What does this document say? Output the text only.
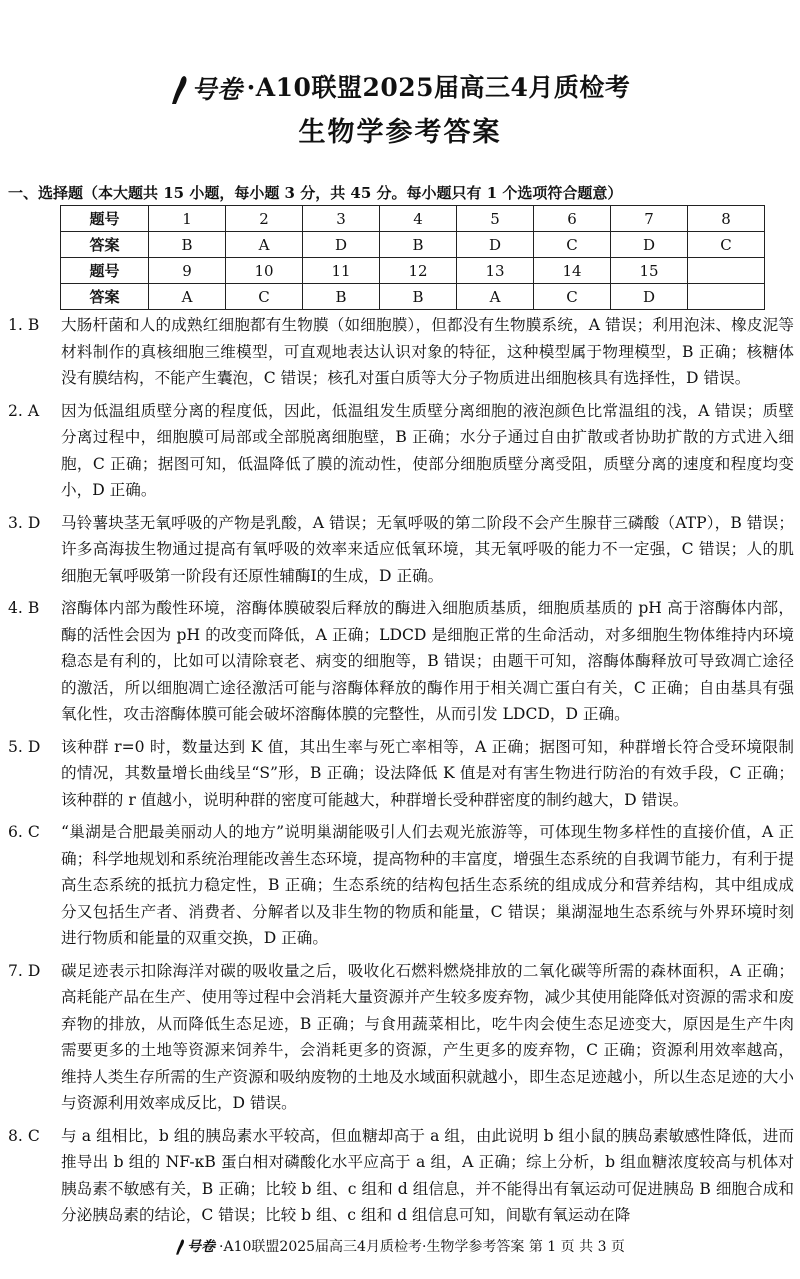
号卷 ·A10联盟2025届高三4月质检考
生物学参考答案
一、选择题（本大题共 15 小题，每小题 3 分，共 45 分。每小题只有 1 个选项符合题意）
题号	1	2	3	4	5	6	7	8
答案	B	A	D	B	D	C	D	C
题号	9	10	11	12	13	14	15	
答案	A	C	B	B	A	C	D	
1. B	大肠杆菌和人的成熟红细胞都有生物膜（如细胞膜），但都没有生物膜系统，A 错误；利用泡沫、橡皮泥等材料制作的真核细胞三维模型，可直观地表达认识对象的特征，这种模型属于物理模型，B 正确；核糖体没有膜结构，不能产生囊泡，C 错误；核孔对蛋白质等大分子物质进出细胞核具有选择性，D 错误。
2. A	因为低温组质壁分离的程度低，因此，低温组发生质壁分离细胞的液泡颜色比常温组的浅，A 错误；质壁分离过程中，细胞膜可局部或全部脱离细胞壁，B 正确；水分子通过自由扩散或者协助扩散的方式进入细胞，C 正确；据图可知，低温降低了膜的流动性，使部分细胞质壁分离受阻，质壁分离的速度和程度均变小，D 正确。
3. D	马铃薯块茎无氧呼吸的产物是乳酸，A 错误；无氧呼吸的第二阶段不会产生腺苷三磷酸（ATP），B 错误；许多高海拔生物通过提高有氧呼吸的效率来适应低氧环境，其无氧呼吸的能力不一定强，C 错误；人的肌细胞无氧呼吸第一阶段有还原性辅酶Ⅰ的生成，D 正确。
4. B	溶酶体内部为酸性环境，溶酶体膜破裂后释放的酶进入细胞质基质，细胞质基质的 pH 高于溶酶体内部，酶的活性会因为 pH 的改变而降低，A 正确；LDCD 是细胞正常的生命活动，对多细胞生物体维持内环境稳态是有利的，比如可以清除衰老、病变的细胞等，B 错误；由题干可知，溶酶体酶释放可导致凋亡途径的激活，所以细胞凋亡途径激活可能与溶酶体释放的酶作用于相关凋亡蛋白有关，C 正确；自由基具有强氧化性，攻击溶酶体膜可能会破坏溶酶体膜的完整性，从而引发 LDCD，D 正确。
5. D	该种群 r=0 时，数量达到 K 值，其出生率与死亡率相等，A 正确；据图可知，种群增长符合受环境限制的情况，其数量增长曲线呈“S”形，B 正确；设法降低 K 值是对有害生物进行防治的有效手段，C 正确；该种群的 r 值越小，说明种群的密度可能越大，种群增长受种群密度的制约越大，D 错误。
6. C	“巢湖是合肥最美丽动人的地方”说明巢湖能吸引人们去观光旅游等，可体现生物多样性的直接价值，A 正确；科学地规划和系统治理能改善生态环境，提高物种的丰富度，增强生态系统的自我调节能力，有利于提高生态系统的抵抗力稳定性，B 正确；生态系统的结构包括生态系统的组成成分和营养结构，其中组成成分又包括生产者、消费者、分解者以及非生物的物质和能量，C 错误；巢湖湿地生态系统与外界环境时刻进行物质和能量的双重交换，D 正确。
7. D	碳足迹表示扣除海洋对碳的吸收量之后，吸收化石燃料燃烧排放的二氧化碳等所需的森林面积，A 正确；高耗能产品在生产、使用等过程中会消耗大量资源并产生较多废弃物，减少其使用能降低对资源的需求和废弃物的排放，从而降低生态足迹，B 正确；与食用蔬菜相比，吃牛肉会使生态足迹变大，原因是生产牛肉需要更多的土地等资源来饲养牛，会消耗更多的资源，产生更多的废弃物，C 正确；资源利用效率越高，维持人类生存所需的生产资源和吸纳废物的土地及水域面积就越小，即生态足迹越小，所以生态足迹的大小与资源利用效率成反比，D 错误。
8. C	与 a 组相比，b 组的胰岛素水平较高，但血糖却高于 a 组，由此说明 b 组小鼠的胰岛素敏感性降低，进而推导出 b 组的 NF-κB 蛋白相对磷酸化水平应高于 a 组，A 正确；综上分析，b 组血糖浓度较高与机体对胰岛素不敏感有关，B 正确；比较 b 组、c 组和 d 组信息，并不能得出有氧运动可促进胰岛 B 细胞合成和分泌胰岛素的结论，C 错误；比较 b 组、c 组和 d 组信息可知，间歇有氧运动在降
号卷 ·A10联盟2025届高三4月质检考·生物学参考答案 第 1 页 共 3 页
